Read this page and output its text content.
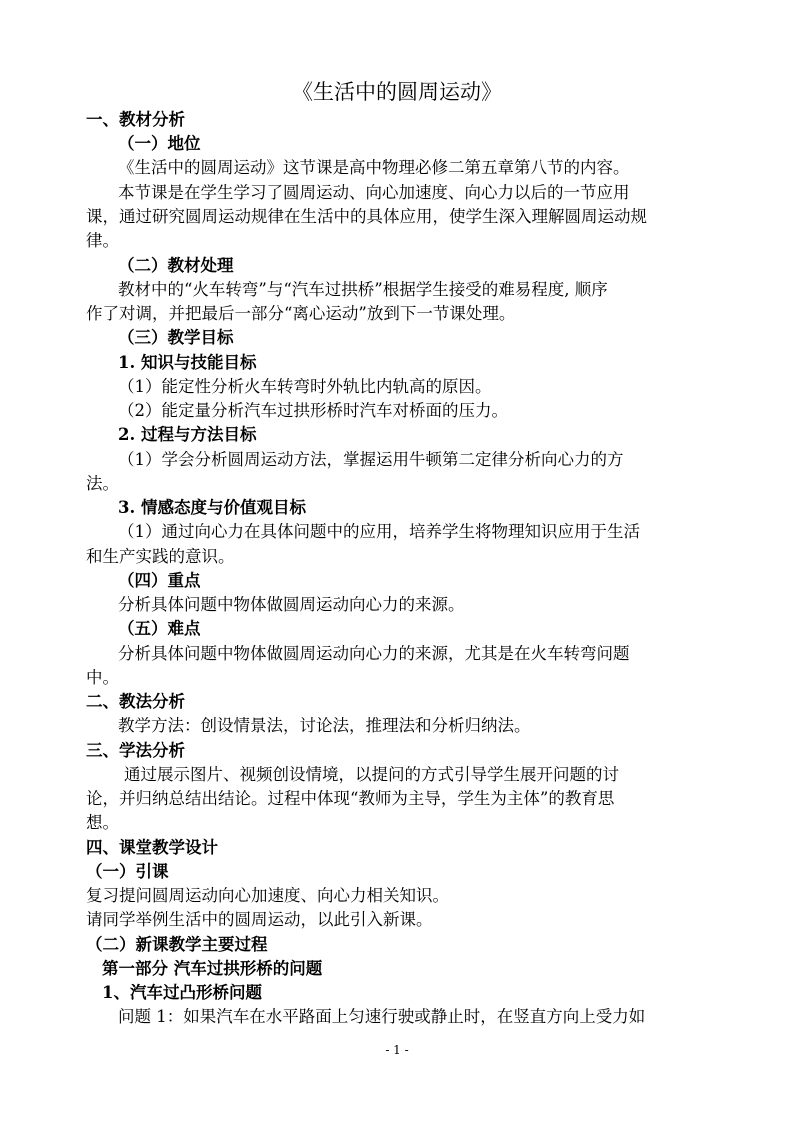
《生活中的圆周运动》
一、教材分析
（一）地位
《生活中的圆周运动》这节课是高中物理必修二第五章第八节的内容。
本节课是在学生学习了圆周运动、向心加速度、向心力以后的一节应用
课，通过研究圆周运动规律在生活中的具体应用，使学生深入理解圆周运动规
律。
（二）教材处理
教材中的“火车转弯”与“汽车过拱桥”根据学生接受的难易程度, 顺序
作了对调，并把最后一部分“离心运动”放到下一节课处理。
（三）教学目标
1. 知识与技能目标
（1）能定性分析火车转弯时外轨比内轨高的原因。
（2）能定量分析汽车过拱形桥时汽车对桥面的压力。
2. 过程与方法目标
（1）学会分析圆周运动方法，掌握运用牛顿第二定律分析向心力的方
法。
3. 情感态度与价值观目标
（1）通过向心力在具体问题中的应用，培养学生将物理知识应用于生活
和生产实践的意识。
（四）重点
分析具体问题中物体做圆周运动向心力的来源。
（五）难点
分析具体问题中物体做圆周运动向心力的来源，尤其是在火车转弯问题
中。
二、教法分析
教学方法：创设情景法，讨论法，推理法和分析归纳法。
三、学法分析
通过展示图片、视频创设情境，以提问的方式引导学生展开问题的讨
论，并归纳总结出结论。过程中体现“教师为主导，学生为主体”的教育思
想。
四、课堂教学设计
（一）引课
复习提问圆周运动向心加速度、向心力相关知识。
请同学举例生活中的圆周运动，以此引入新课。
（二）新课教学主要过程
第一部分 汽车过拱形桥的问题
1、汽车过凸形桥问题
问题 1：如果汽车在水平路面上匀速行驶或静止时，在竖直方向上受力如
- 1 -
